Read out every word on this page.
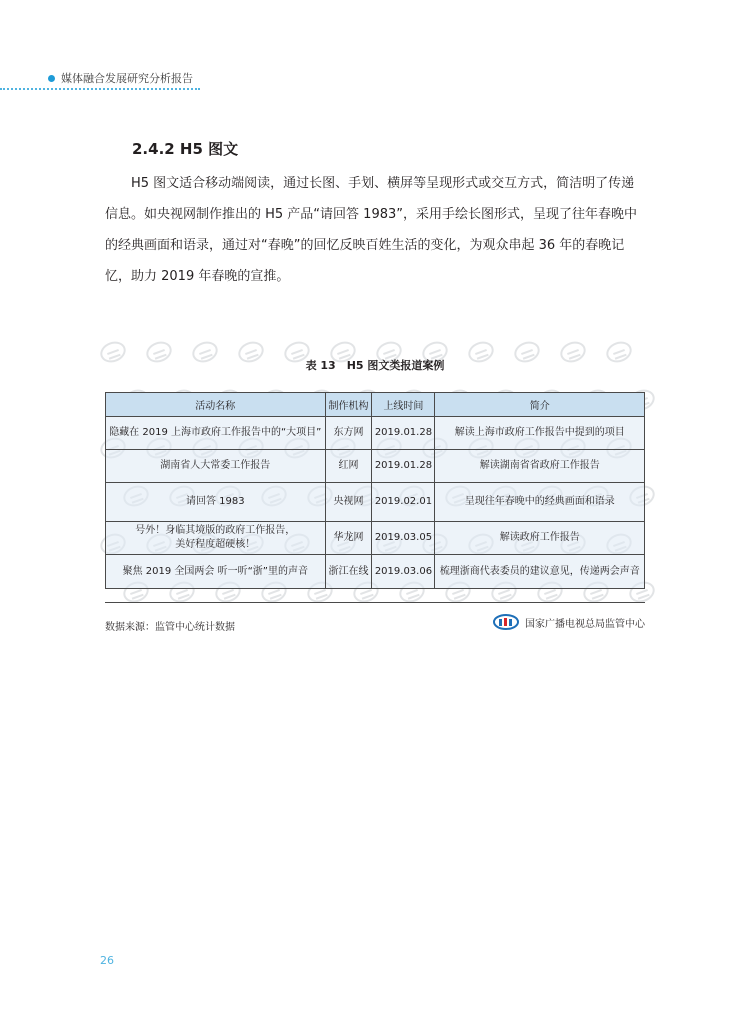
媒体融合发展研究分析报告
2.4.2 H5 图文

H5 图文适合移动端阅读，通过长图、手划、横屏等呈现形式或交互方式，简洁明了传递信息。如央视网制作推出的 H5 产品“请回答 1983”，采用手绘长图形式，呈现了往年春晚中的经典画面和语录，通过对“春晚”的回忆反映百姓生活的变化，为观众串起 36 年的春晚记忆，助力 2019 年春晚的宣推。

表 13　H5 图文类报道案例
活动名称	制作机构	上线时间	简介
隐藏在 2019 上海市政府工作报告中的“大项目”	东方网	2019.01.28	解读上海市政府工作报告中提到的项目
湖南省人大常委工作报告	红网	2019.01.28	解读湖南省省政府工作报告
请回答 1983	央视网	2019.02.01	呈现往年春晚中的经典画面和语录

号外！身临其境版的政府工作报告，
美好程度超硬核！	华龙网	2019.03.05	解读政府工作报告
聚焦 2019 全国两会 听一听“浙”里的声音	浙江在线	2019.03.06	梳理浙商代表委员的建议意见，传递两会声音
数据来源：监管中心统计数据	国家广播电视总局监管中心
26
